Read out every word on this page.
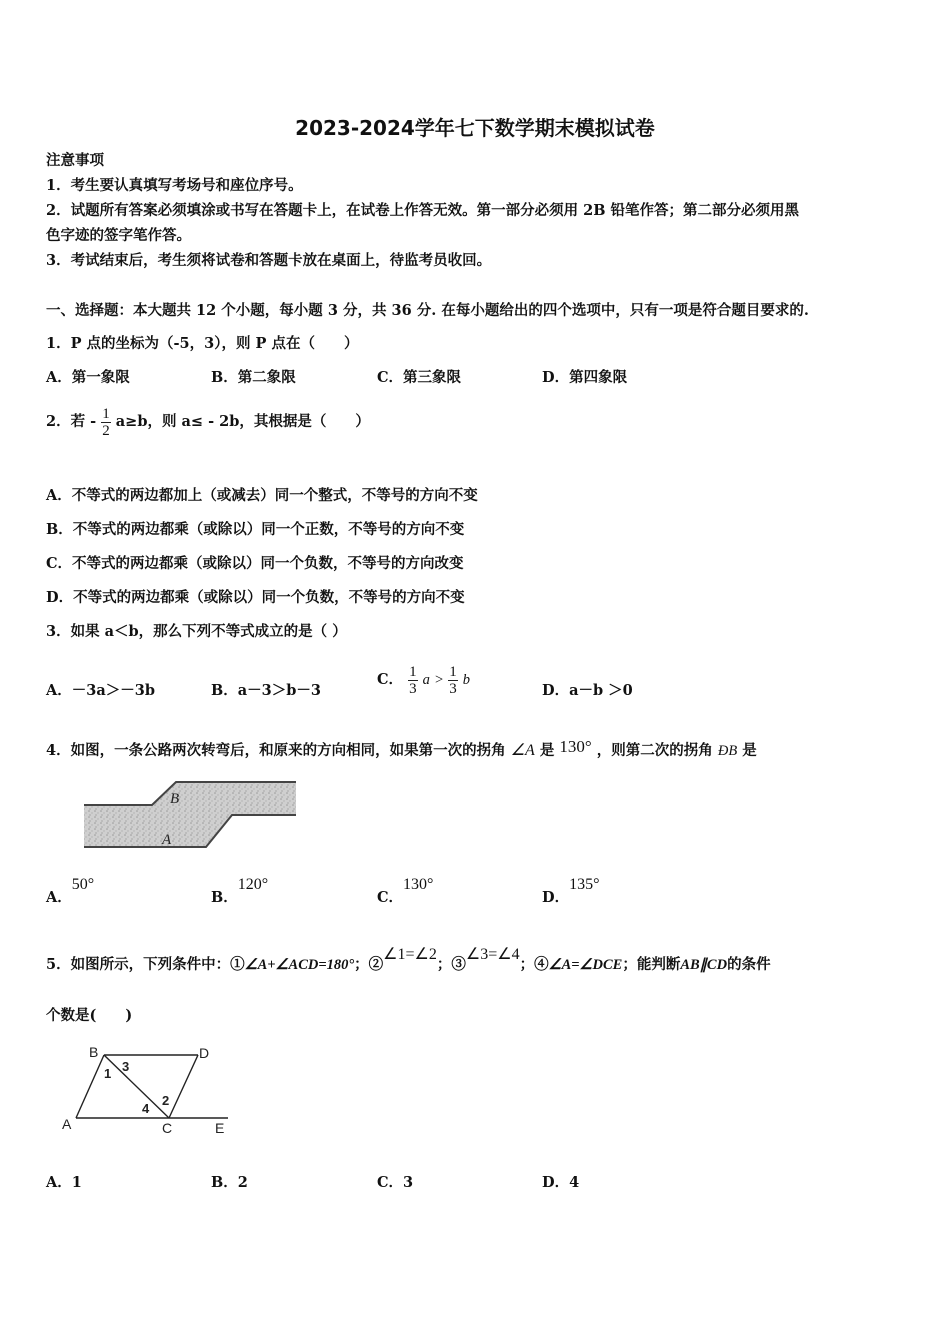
2023-2024学年七下数学期末模拟试卷
注意事项
1．考生要认真填写考场号和座位序号。
2．试题所有答案必须填涂或书写在答题卡上，在试卷上作答无效。第一部分必须用 2B 铅笔作答；第二部分必须用黑
色字迹的签字笔作答。
3．考试结束后，考生须将试卷和答题卡放在桌面上，待监考员收回。
一、选择题：本大题共 12 个小题，每小题 3 分，共 36 分. 在每小题给出的四个选项中，只有一项是符合题目要求的.
1．P 点的坐标为（-5，3），则 P 点在（　　）
A．第一象限	B．第二象限	C．第三象限	D．第四象限
2．若 - $\frac{1}{2} a\ge b$，则 a≤ - 2b，其根据是（　　）
A．不等式的两边都加上（或减去）同一个整式，不等号的方向不变
B．不等式的两边都乘（或除以）同一个正数，不等号的方向不变
C．不等式的两边都乘（或除以）同一个负数，不等号的方向改变
D．不等式的两边都乘（或除以）同一个负数，不等号的方向不变
3．如果 a＜b，那么下列不等式成立的是（ ）
A．－3a＞－3b	B．a－3＞b－3
C． $\frac{1}{3}$ $a > \frac{1}{3}$ b
D．a－b ＞0
4．如图，一条公路两次转弯后，和原来的方向相同，如果第一次的拐角 ∠A 是 130° ，则第二次的拐角 ÐB 是
B
A
A．50°
B．120°
C．130°
D．135°
5．如图所示，下列条件中：①∠A+∠ACD=180°；②∠1=∠2；③∠3=∠4；④∠A=∠DCE；能判断AB∥CD的条件
个数是(　　)
B	D
A	C	E
1 3
2
4
A．1	B．2	C．3	D．4
